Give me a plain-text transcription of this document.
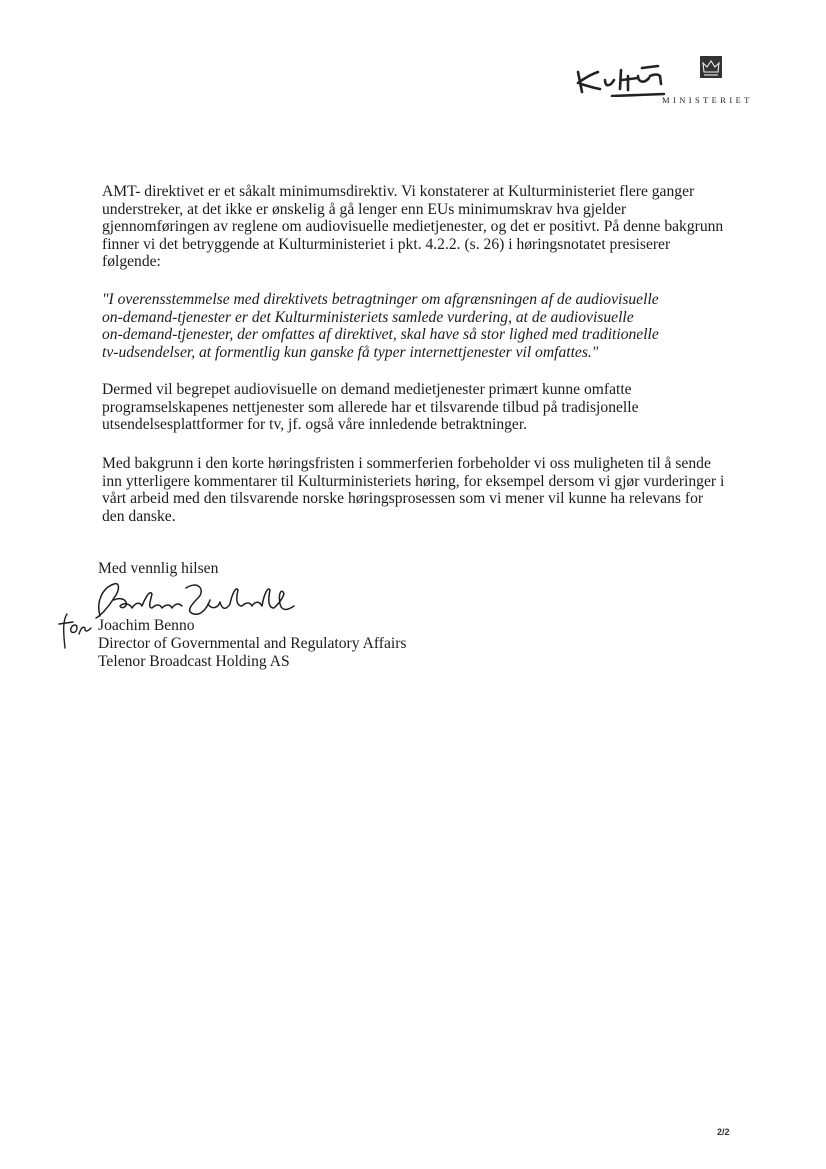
MINISTERIET

AMT- direktivet er et såkalt minimumsdirektiv. Vi konstaterer at Kulturministeriet flere ganger
understreker, at det ikke er ønskelig å gå lenger enn EUs minimumskrav hva gjelder
gjennomføringen av reglene om audiovisuelle medietjenester, og det er positivt. På denne bakgrunn
finner vi det betryggende at Kulturministeriet i pkt. 4.2.2. (s. 26) i høringsnotatet presiserer
følgende:

"I overensstemmelse med direktivets betragtninger om afgrænsningen af de audiovisuelle
on-demand-tjenester er det Kulturministeriets samlede vurdering, at de audiovisuelle
on-demand-tjenester, der omfattes af direktivet, skal have så stor lighed med traditionelle
tv-udsendelser, at formentlig kun ganske få typer internettjenester vil omfattes."

Dermed vil begrepet audiovisuelle on demand medietjenester primært kunne omfatte
programselskapenes nettjenester som allerede har et tilsvarende tilbud på tradisjonelle
utsendelsesplattformer for tv, jf. også våre innledende betraktninger.

Med bakgrunn i den korte høringsfristen i sommerferien forbeholder vi oss muligheten til å sende
inn ytterligere kommentarer til Kulturministeriets høring, for eksempel dersom vi gjør vurderinger i
vårt arbeid med den tilsvarende norske høringsprosessen som vi mener vil kunne ha relevans for
den danske.

Med vennlig hilsen

Joachim Benno

Director of Governmental and Regulatory Affairs

Telenor Broadcast Holding AS

2/2
